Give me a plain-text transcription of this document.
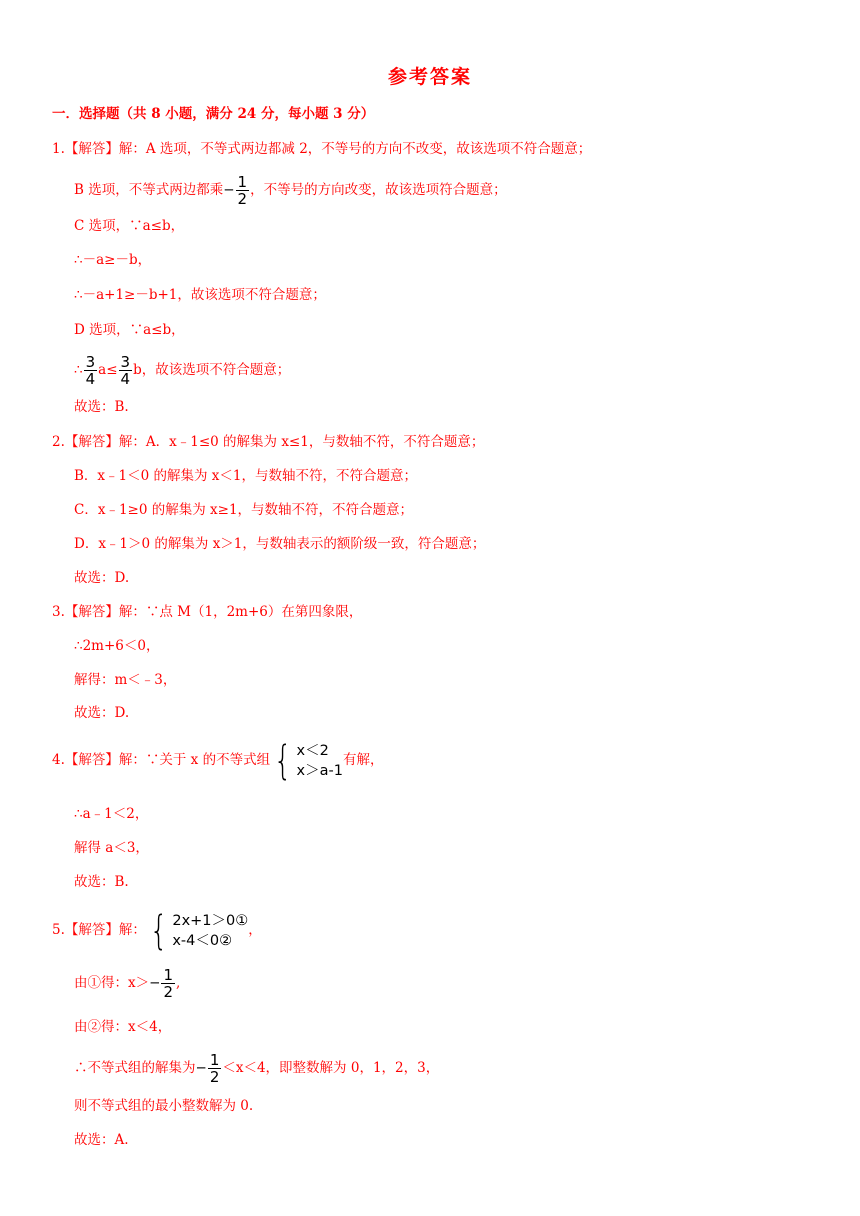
参考答案
一．选择题（共 8 小题，满分 24 分，每小题 3 分）
1.【解答】解：A 选项，不等式两边都减 2，不等号的方向不改变，故该选项不符合题意；
B 选项，不等式两边都乘− $\frac{1}{2}$ ，不等号的方向改变，故该选项符合题意；
C 选项，∵a≤b，
∴－a≥－b，
∴－a+1≥－b+1，故该选项不符合题意；
D 选项，∵a≤b，
∴ $\frac{3}{4} a\le \frac{3}{4}$ b，故该选项不符合题意；
故选：B.
2.【解答】解：A．x﹣1≤0 的解集为 x≤1，与数轴不符，不符合题意；
B．x﹣1＜0 的解集为 x＜1，与数轴不符，不符合题意；
C．x﹣1≥0 的解集为 x≥1，与数轴不符，不符合题意；
D．x﹣1＞0 的解集为 x＞1，与数轴表示的额阶级一致，符合题意；
故选：D.
3.【解答】解：∵点 M（1，2m+6）在第四象限，
∴2m+6＜0，
解得：m＜﹣3，
故选：D.
4.【解答】解：∵关于 x 的不等式组 { x＜2
x＞a-1
有解，
∴a﹣1＜2，
解得 a＜3，
故选：B.
5.【解答】解： { 2x+1＞0①
x-4＜0②
，
由①得：$x>- \frac{1}{2}$ ,
由②得：x＜4，
∴不等式组的解集为− $\frac{1}{2} <x<4$，即整数解为 0，1，2，3，
则不等式组的最小整数解为 0.
故选：A.
